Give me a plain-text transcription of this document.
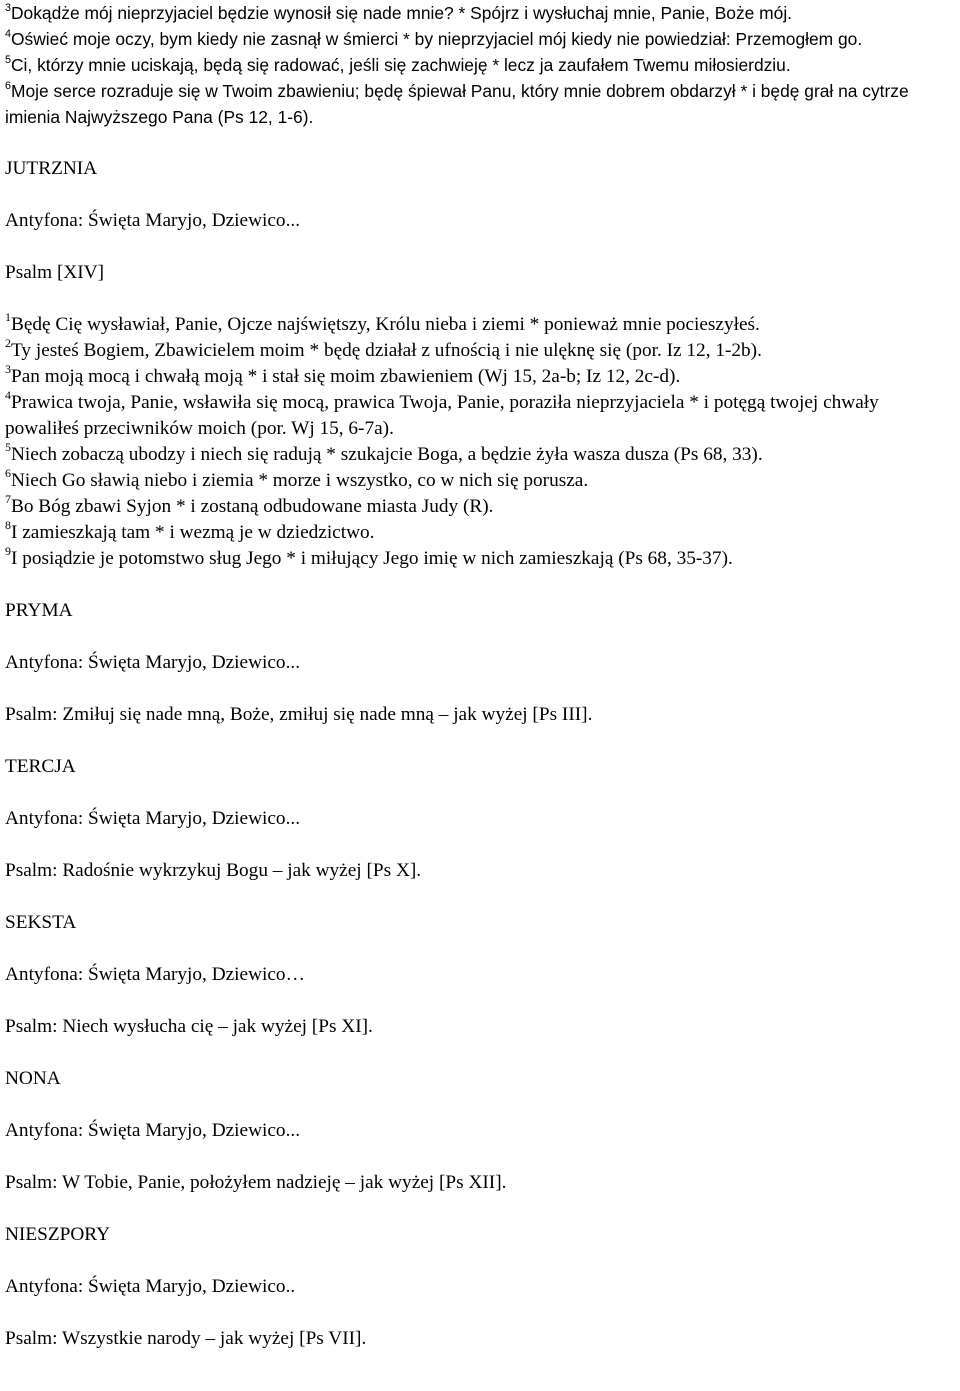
$^3$Dokądże mój nieprzyjaciel będzie wynosił się nade mnie? * Spójrz i wysłuchaj mnie, Panie, Boże mój.

$^4$Oświeć moje oczy, bym kiedy nie zasnął w śmierci * by nieprzyjaciel mój kiedy nie powiedział: Przemogłem go.

$^5$Ci, którzy mnie uciskają, będą się radować, jeśli się zachwieję * lecz ja zaufałem Twemu miłosierdziu.

$^6$Moje serce rozraduje się w Twoim zbawieniu; będę śpiewał Panu, który mnie dobrem obdarzył * i będę grał na cytrze imienia Najwyższego Pana (Ps 12, 1-6).

JUTRZNIA

Antyfona: Święta Maryjo, Dziewico...

Psalm [XIV]

$^1$Będę Cię wysławiał, Panie, Ojcze najświętszy, Królu nieba i ziemi * ponieważ mnie pocieszyłeś.

$^2$Ty jesteś Bogiem, Zbawicielem moim * będę działał z ufnością i nie ulęknę się (por. Iz 12, 1-2b).

$^3$Pan moją mocą i chwałą moją * i stał się moim zbawieniem (Wj 15, 2a-b; Iz 12, 2c-d).

$^4$Prawica twoja, Panie, wsławiła się mocą, prawica Twoja, Panie, poraziła nieprzyjaciela * i potęgą twojej chwały powaliłeś przeciwników moich (por. Wj 15, 6-7a).

$^5$Niech zobaczą ubodzy i niech się radują * szukajcie Boga, a będzie żyła wasza dusza (Ps 68, 33).

$^6$Niech Go sławią niebo i ziemia * morze i wszystko, co w nich się porusza.

$^7$Bo Bóg zbawi Syjon * i zostaną odbudowane miasta Judy (R).

$^8$I zamieszkają tam * i wezmą je w dziedzictwo.

$^9$I posiądzie je potomstwo sług Jego * i miłujący Jego imię w nich zamieszkają (Ps 68, 35-37).

PRYMA

Antyfona: Święta Maryjo, Dziewico...

Psalm: Zmiłuj się nade mną, Boże, zmiłuj się nade mną – jak wyżej [Ps III].

TERCJA

Antyfona: Święta Maryjo, Dziewico...

Psalm: Radośnie wykrzykuj Bogu – jak wyżej [Ps X].

SEKSTA

Antyfona: Święta Maryjo, Dziewico…

Psalm: Niech wysłucha cię – jak wyżej [Ps XI].

NONA

Antyfona: Święta Maryjo, Dziewico...

Psalm: W Tobie, Panie, położyłem nadzieję – jak wyżej [Ps XII].

NIESZPORY

Antyfona: Święta Maryjo, Dziewico..

Psalm: Wszystkie narody – jak wyżej [Ps VII].
